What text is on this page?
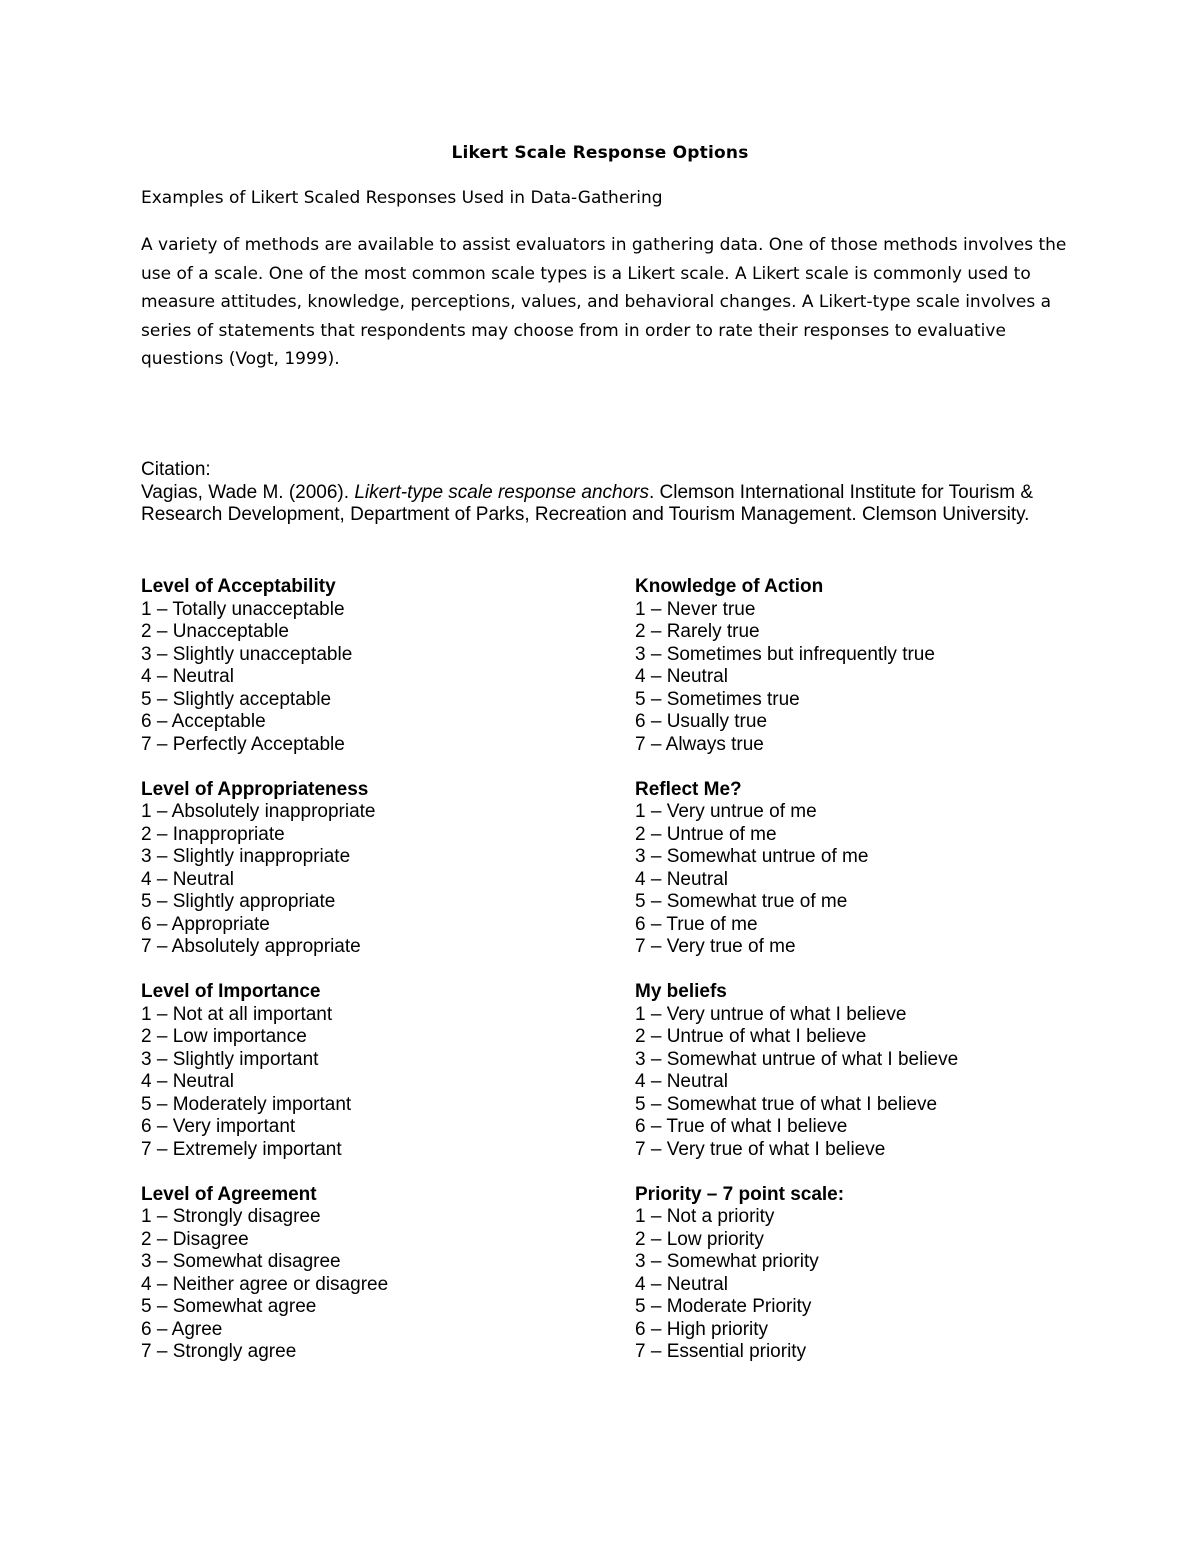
Likert Scale Response Options
Examples of Likert Scaled Responses Used in Data-Gathering
A variety of methods are available to assist evaluators in gathering data. One of those methods involves the use of a scale. One of the most common scale types is a Likert scale. A Likert scale is commonly used to measure attitudes, knowledge, perceptions, values, and behavioral changes. A Likert-type scale involves a series of statements that respondents may choose from in order to rate their responses to evaluative questions (Vogt, 1999).
Citation:
Vagias, Wade M. (2006). Likert-type scale response anchors. Clemson International Institute for Tourism & Research Development, Department of Parks, Recreation and Tourism Management. Clemson University.
Level of Acceptability
1 – Totally unacceptable
2 – Unacceptable
3 – Slightly unacceptable
4 – Neutral
5 – Slightly acceptable
6 – Acceptable
7 – Perfectly Acceptable
Level of Appropriateness
1 – Absolutely inappropriate
2 – Inappropriate
3 – Slightly inappropriate
4 – Neutral
5 – Slightly appropriate
6 – Appropriate
7 – Absolutely appropriate
Level of Importance
1 – Not at all important
2 – Low importance
3 – Slightly important
4 – Neutral
5 – Moderately important
6 – Very important
7 – Extremely important
Level of Agreement
1 – Strongly disagree
2 – Disagree
3 – Somewhat disagree
4 – Neither agree or disagree
5 – Somewhat agree
6 – Agree
7 – Strongly agree
Knowledge of Action
1 – Never true
2 – Rarely true
3 – Sometimes but infrequently true
4 – Neutral
5 – Sometimes true
6 – Usually true
7 – Always true
Reflect Me?
1 – Very untrue of me
2 – Untrue of me
3 – Somewhat untrue of me
4 – Neutral
5 – Somewhat true of me
6 – True of me
7 – Very true of me
My beliefs
1 – Very untrue of what I believe
2 – Untrue of what I believe
3 – Somewhat untrue of what I believe
4 – Neutral
5 – Somewhat true of what I believe
6 – True of what I believe
7 – Very true of what I believe
Priority – 7 point scale:
1 – Not a priority
2 – Low priority
3 – Somewhat priority
4 – Neutral
5 – Moderate Priority
6 – High priority
7 – Essential priority
